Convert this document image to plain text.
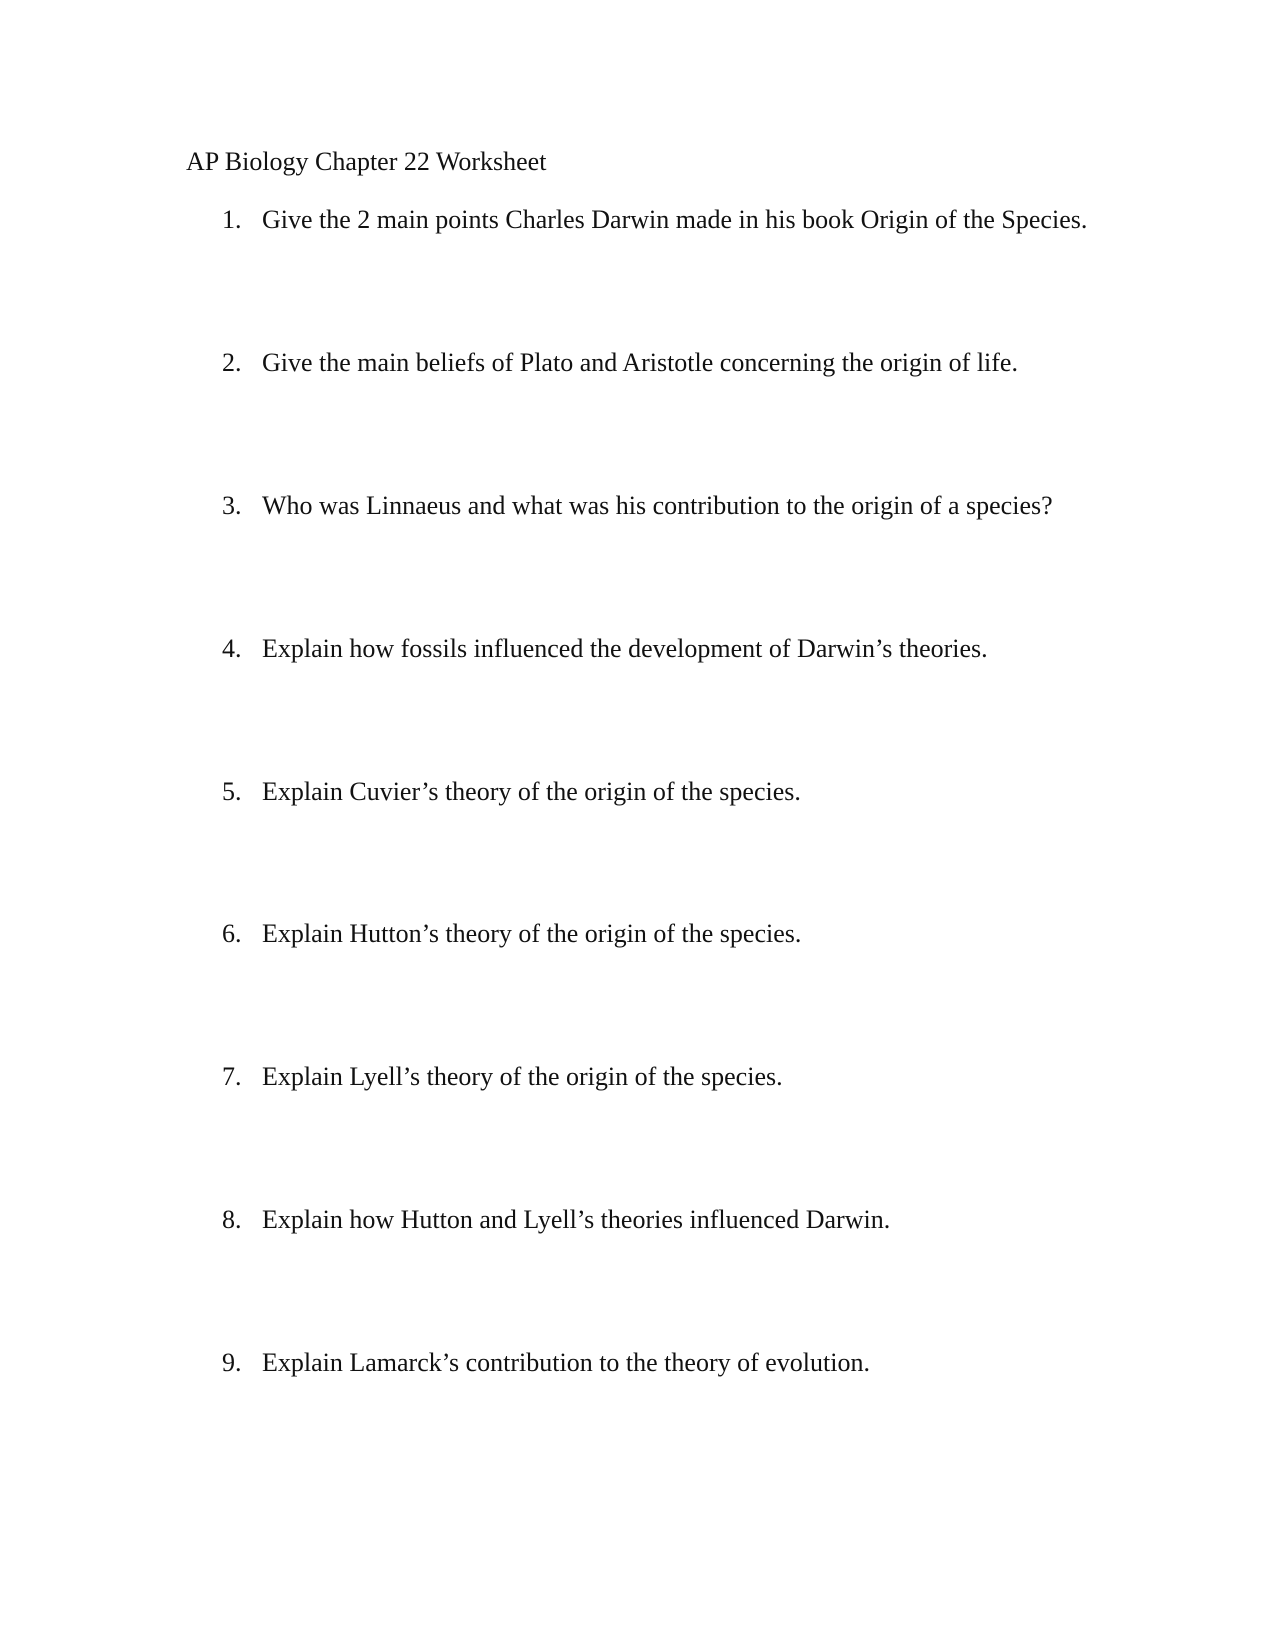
AP Biology Chapter 22 Worksheet
1. Give the 2 main points Charles Darwin made in his book Origin of the Species.
2. Give the main beliefs of Plato and Aristotle concerning the origin of life.
3. Who was Linnaeus and what was his contribution to the origin of a species?
4. Explain how fossils influenced the development of Darwin’s theories.
5. Explain Cuvier’s theory of the origin of the species.
6. Explain Hutton’s theory of the origin of the species.
7. Explain Lyell’s theory of the origin of the species.
8. Explain how Hutton and Lyell’s theories influenced Darwin.
9. Explain Lamarck’s contribution to the theory of evolution.
